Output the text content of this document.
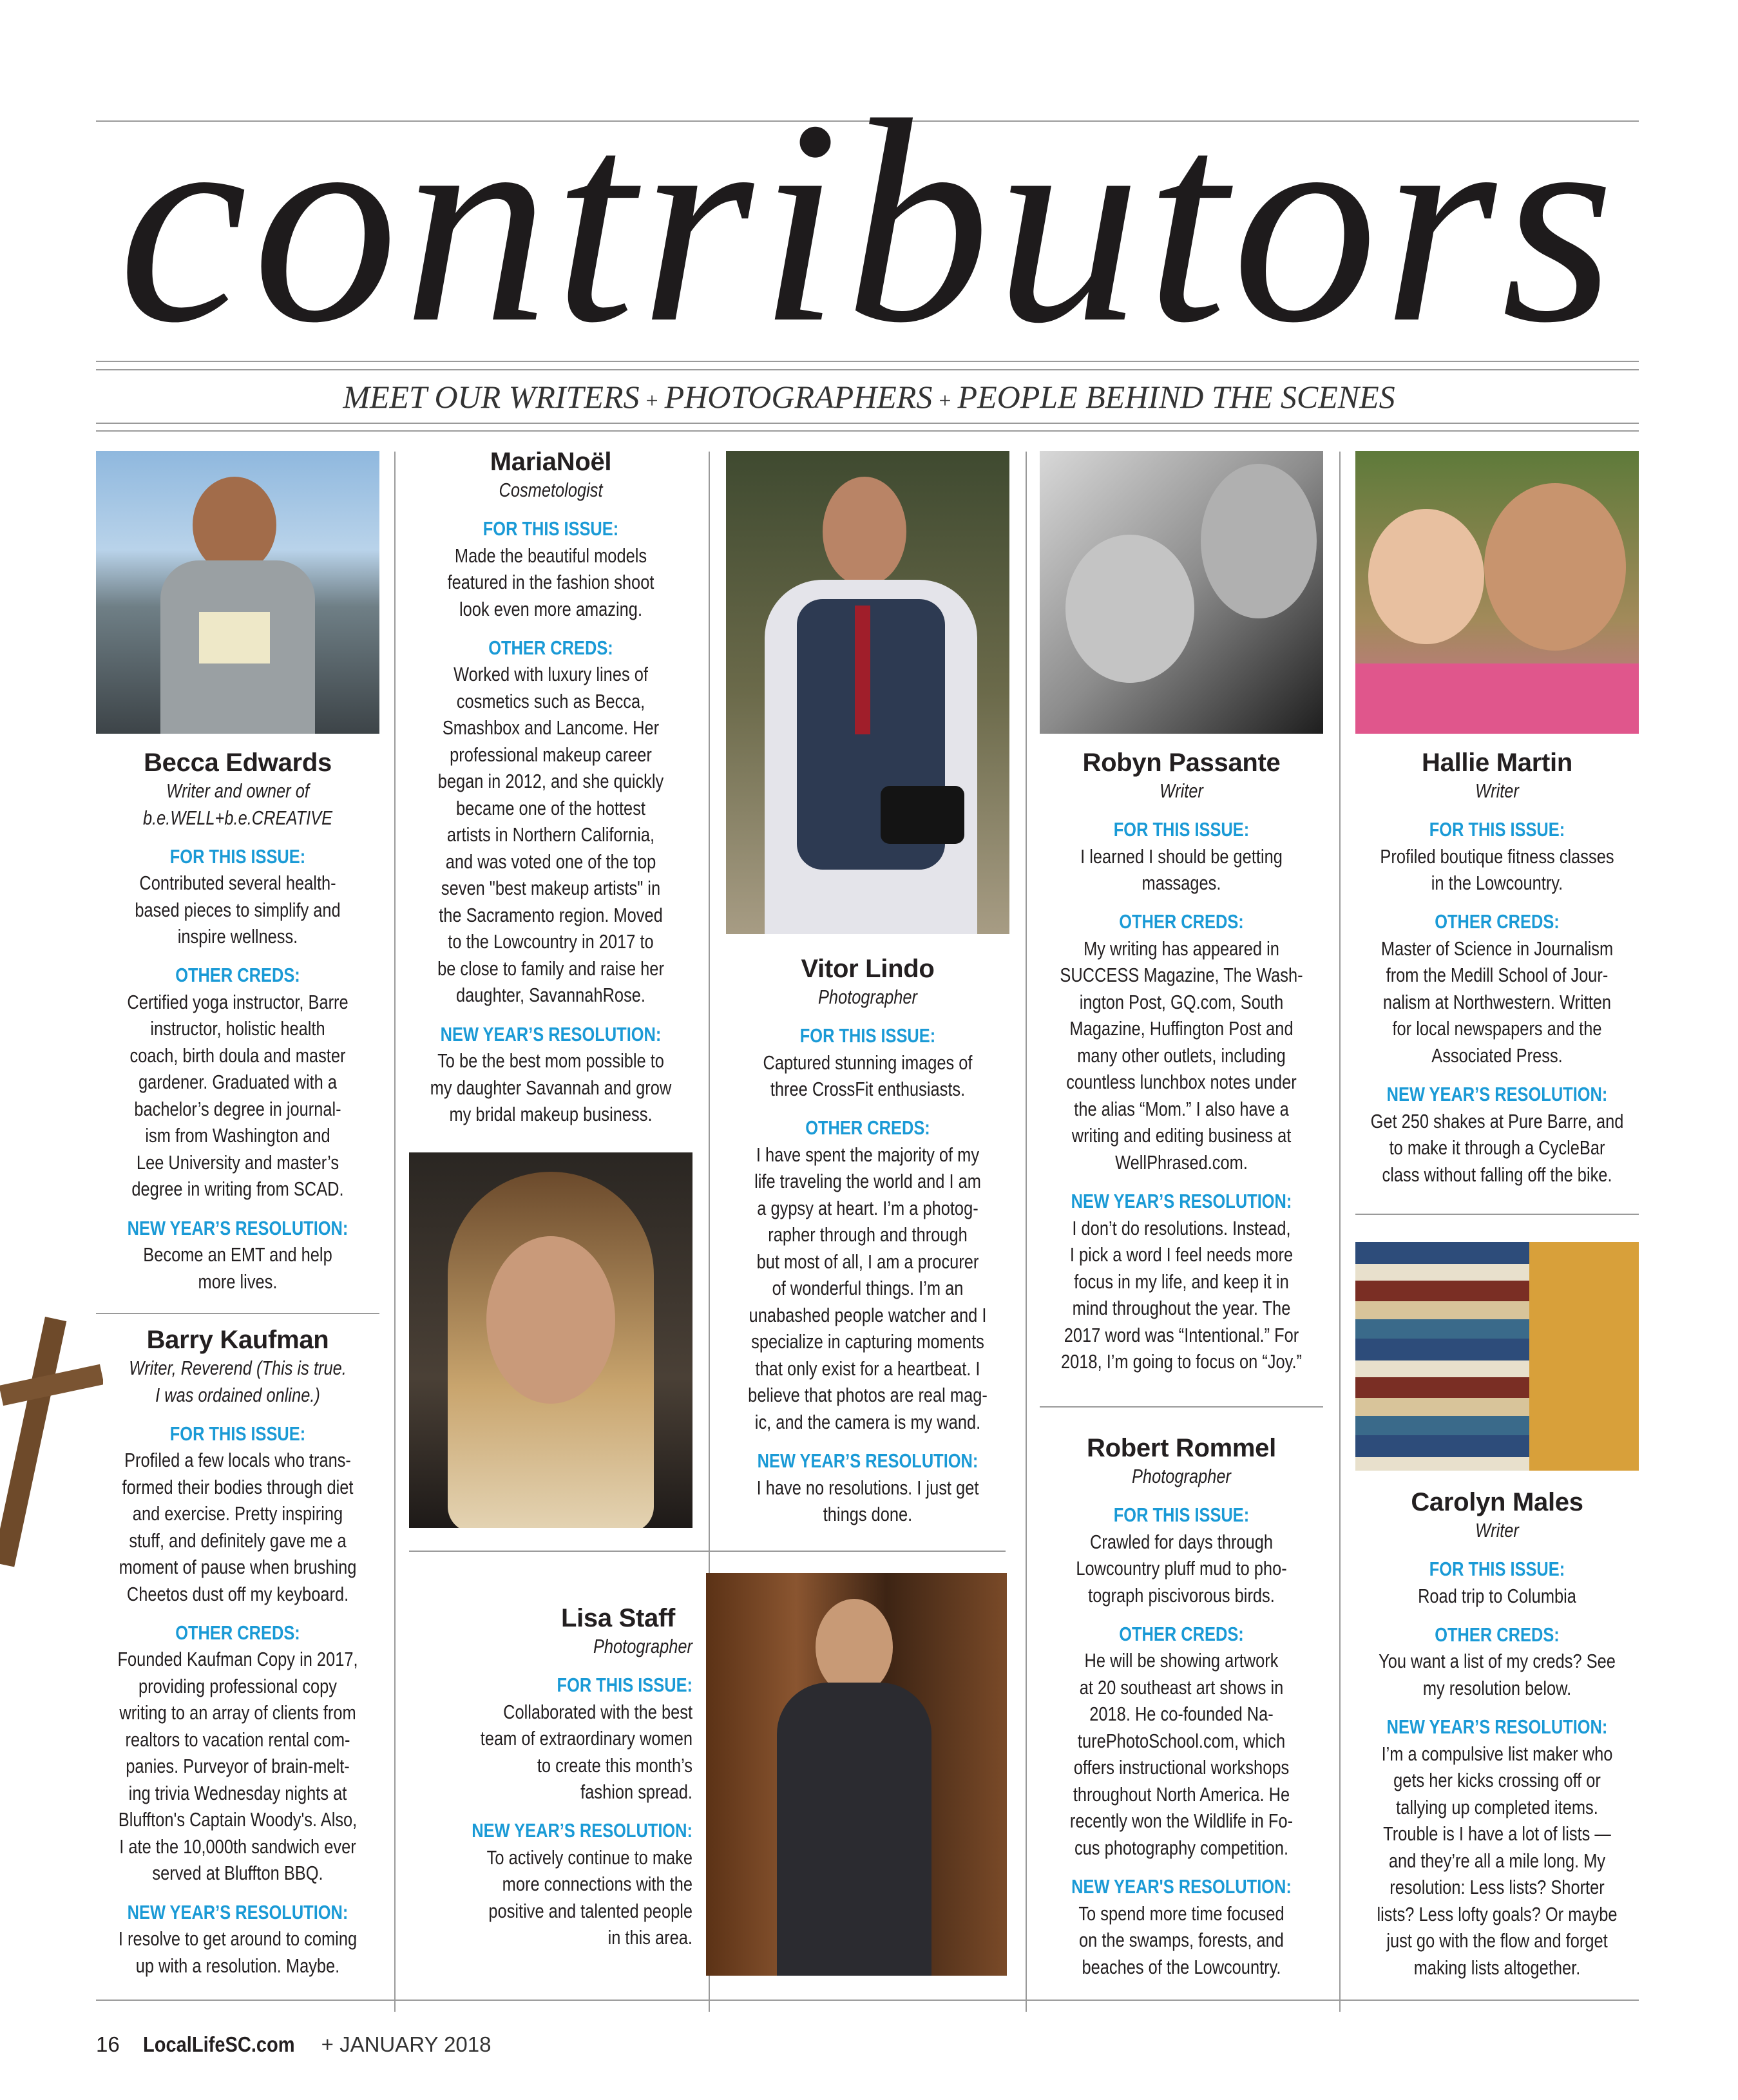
contributors
MEET OUR WRITERS + PHOTOGRAPHERS + PEOPLE BEHIND THE SCENES
Becca Edwards
Writer and owner of
b.e.WELL+b.e.CREATIVE
FOR THIS ISSUE:
Contributed several health-
based pieces to simplify and
inspire wellness.
OTHER CREDS:
Certified yoga instructor, Barre
instructor, holistic health
coach, birth doula and master
gardener. Graduated with a
bachelor’s degree in journal-
ism from Washington and
Lee University and master’s
degree in writing from SCAD.
NEW YEAR’S RESOLUTION:
Become an EMT and help
more lives.
Barry Kaufman
Writer, Reverend (This is true.
I was ordained online.)
FOR THIS ISSUE:
Profiled a few locals who trans-
formed their bodies through diet
and exercise. Pretty inspiring
stuff, and definitely gave me a
moment of pause when brushing
Cheetos dust off my keyboard.
OTHER CREDS:
Founded Kaufman Copy in 2017,
providing professional copy
writing to an array of clients from
realtors to vacation rental com-
panies. Purveyor of brain-melt-
ing trivia Wednesday nights at
Bluffton's Captain Woody's. Also,
I ate the 10,000th sandwich ever
served at Bluffton BBQ.
NEW YEAR’S RESOLUTION:
I resolve to get around to coming
up with a resolution. Maybe.
MariaNoël
Cosmetologist
FOR THIS ISSUE:
Made the beautiful models
featured in the fashion shoot
look even more amazing.
OTHER CREDS:
Worked with luxury lines of
cosmetics such as Becca,
Smashbox and Lancome. Her
professional makeup career
began in 2012, and she quickly
became one of the hottest
artists in Northern California,
and was voted one of the top
seven "best makeup artists" in
the Sacramento region. Moved
to the Lowcountry in 2017 to
be close to family and raise her
daughter, SavannahRose.
NEW YEAR’S RESOLUTION:
To be the best mom possible to
my daughter Savannah and grow
my bridal makeup business.
Lisa Staff
Photographer
FOR THIS ISSUE:
Collaborated with the best
team of extraordinary women
to create this month’s
fashion spread.
NEW YEAR’S RESOLUTION:
To actively continue to make
more connections with the
positive and talented people
in this area.
Vitor Lindo
Photographer
FOR THIS ISSUE:
Captured stunning images of
three CrossFit enthusiasts.
OTHER CREDS:
I have spent the majority of my
life traveling the world and I am
a gypsy at heart. I’m a photog-
rapher through and through
but most of all, I am a procurer
of wonderful things. I’m an
unabashed people watcher and I
specialize in capturing moments
that only exist for a heartbeat. I
believe that photos are real mag-
ic, and the camera is my wand.
NEW YEAR’S RESOLUTION:
I have no resolutions. I just get
things done.
Robyn Passante
Writer
FOR THIS ISSUE:
I learned I should be getting
massages.
OTHER CREDS:
My writing has appeared in
SUCCESS Magazine, The Wash-
ington Post, GQ.com, South
Magazine, Huffington Post and
many other outlets, including
countless lunchbox notes under
the alias “Mom.” I also have a
writing and editing business at
WellPhrased.com.
NEW YEAR’S RESOLUTION:
I don’t do resolutions. Instead,
I pick a word I feel needs more
focus in my life, and keep it in
mind throughout the year. The
2017 word was “Intentional.” For
2018, I’m going to focus on “Joy.”
Robert Rommel
Photographer
FOR THIS ISSUE:
Crawled for days through
Lowcountry pluff mud to pho-
tograph piscivorous birds.
OTHER CREDS:
He will be showing artwork
at 20 southeast art shows in
2018. He co-founded Na-
turePhotoSchool.com, which
offers instructional workshops
throughout North America. He
recently won the Wildlife in Fo-
cus photography competition.
NEW YEAR'S RESOLUTION:
To spend more time focused
on the swamps, forests, and
beaches of the Lowcountry.
Hallie Martin
Writer
FOR THIS ISSUE:
Profiled boutique fitness classes
in the Lowcountry.
OTHER CREDS:
Master of Science in Journalism
from the Medill School of Jour-
nalism at Northwestern. Written
for local newspapers and the
Associated Press.
NEW YEAR’S RESOLUTION:
Get 250 shakes at Pure Barre, and
to make it through a CycleBar
class without falling off the bike.
Carolyn Males
Writer
FOR THIS ISSUE:
Road trip to Columbia
OTHER CREDS:
You want a list of my creds? See
my resolution below.
NEW YEAR’S RESOLUTION:
I’m a compulsive list maker who
gets her kicks crossing off or
tallying up completed items.
Trouble is I have a lot of lists —
and they’re all a mile long. My
resolution: Less lists? Shorter
lists? Less lofty goals? Or maybe
just go with the flow and forget
making lists altogether.
16 LocalLifeSC.com + JANUARY 2018
